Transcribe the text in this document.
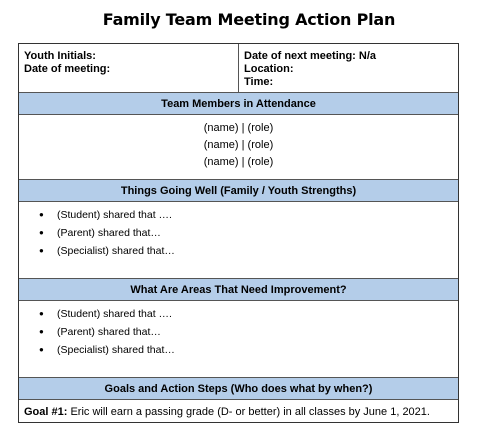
Family Team Meeting Action Plan
Youth Initials:
Date of meeting:
Date of next meeting: N/a
Location:
Time:
Team Members in Attendance
(name) | (role)
(name) | (role)
(name) | (role)
Things Going Well (Family / Youth Strengths)
● (Student) shared that ….
● (Parent) shared that…
● (Specialist) shared that…
What Are Areas That Need Improvement?
● (Student) shared that ….
● (Parent) shared that…
● (Specialist) shared that…
Goals and Action Steps (Who does what by when?)
Goal #1: Eric will earn a passing grade (D- or better) in all classes by June 1, 2021.
